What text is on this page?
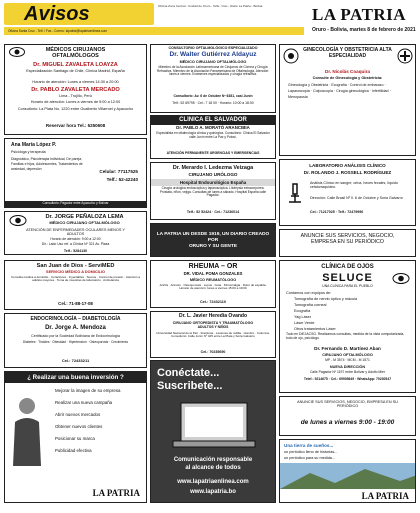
Avisos	Oficina Zona Central - Ciudad de Oruro - Telfs. / Fax - Diario La Patria - Bolivia
Oficina Santa Cruz - Telf. / Fax - Correo: lapatria@lapatriaenlinea.com
LA PATRIA
Oruro - Bolivia, martes 8 de febrero de 2021
MÉDICOS CIRUJANOS OFTALMÓLOGOS
Dr. MIGUEL ZAVALETA LOAYZA
Especialización Santiago de Chile, Clínica Madrid, España
Horario de atención: Lunes a viernes 14:30 a 20:00
Dr. PABLO ZAVALETA MERCADO
Lima - Trujillo, Perú
Horario de atención: Lunes a viernes de 9:00 a 12:00
Consultorio: La Plata No. 1220 entre Gualberto Villarroel y Ayacucho
Reservar hora Tel.: 5250608
CONSULTORIO OFTALMOLÓGICO ESPECIALIZADO
Dr. Walter Gutiérrez Aldayuz
MÉDICO CIRUJANO OFTALMÓLOGO
Miembro de la Asociación Latinoamericana de Cirujanos de Córnea y Cirugía Refractiva. Miembro de la Asociación Panamericana de Oftalmología. Atención: lunes a viernes. Exámenes especializados y cirugía refractiva.
Consultorio: Av. 6 de Octubre Nº 6381, casi Junín
Telf.: 52 69795 · Cel.: 7 18 00 · Horario: 10:00 a 18:00
GINECOLOGÍA Y OBSTETRICIA ALTA ESPECIALIDAD
Dr. Nicolás Coaquira
Consulte de Ginecología y Obstetricia:
Ginecología y Obstetricia · Ecografía · Control de embarazo · Laparoscopía · Colposcopía · Cirugía ginecológica · Infertilidad · Menopausia
CLÍNICA EL SALVADOR
Dr. PABLO A. MORATÓ ARANCIBIA
Especialista en oftalmología clínica y quirúrgica. Consultorio: Clínica El Salvador calle Junín entre La Paz y Potosí.
ATENCIÓN PERMANENTE URGENCIAS Y EMERGENCIAS
Ana María López P.
Psicóloga y terapeuta
Diagnóstico, Psicoterapia Individual, De pareja, Familias e hijos, Adolescentes, Tratamientos de ansiedad, depresión	Celular: 77117525
Telf.: 52-42240
Consultorio: Pagador entre Ayacucho y Bolívar
Dr. Merardo I. Ledezma Veizaga
CIRUJANO URÓLOGO
Hospital Endourológico España
Cirugía urológica endoscópica y laparoscópica. Litotripsia extracorpórea. Próstata, riñón, vejiga. Consultas de lunes a sábado. Hospital España calle Pagador.
Telf.: 52 52424 · Cel.: 71236014
LABORATORIO ANÁLISIS CLÍNICO
Dr. ROLANDO J. ROSSELL RODRÍGUEZ
Análisis Clínico en sangre, orina, heces fecales, líquido cefalorraquídeo.
Dirección: Calle Brasil Nº 0. 6 de Octubre y Soria Galvarro
Cel.: 71217025 · Telf.: 72479996
Dr. JORGE PEÑALOZA LEMA
MÉDICO CIRUJANO OFTALMÓLOGO
ATENCIÓN DE ENFERMEDADES OCULARES MENOS Y ADULTOS
Horario de atención: 9:00 a 12:00
Dir.: Lado Uso ref. a Clínica Nº 321 Av. Plaza
Telf.: 5284130
LA PATRIA UN DESDE 1919, UN DIARIO CREADO POR
ORURO Y SU GENTE
ANUNCIE SUS SERVICIOS, NEGOCIO, EMPRESA EN SU PERIÓDICO
San Juan de Dios - ServiMED
SERVICIO MÉDICO A DOMICILIO
Consulta médica a domicilio · Curaciones · Inyectables · Sueros · Control de presión · Atención a adultos mayores · Toma de muestras de laboratorio · Ambulancia
Cel.: 71-88-17-08
RHEUMA – OR
DR. VIDAL POMA GONZALES
MÉDICO REUMATÓLOGO
Artritis · Artrosis · Osteoporosis · Lupus · Gota · Fibromialgia · Dolor de espalda. Horario de atención: lunes a viernes 15:00 a 19:00
Cel.: 72432110
CLÍNICA DE OJOS
SELUCE
UNA CLÍNICA PARA EL PUEBLO
Contamos con equipos de:
Tomografía de nervio óptico y mácula
Tomografía corneal
Ecografía
Yag Láser
Láser Verde
Otros tratamientos Láser
Todo en DIEJACSG. Realizamos consultas, medida de la vista computarizada, todo de ojo, psicólogo
Dr. Fernando D. Martínez Aban
CIRUJANO OFTALMÓLOGO
MP - M 3574 · MCM - M 1571
NUEVA DIRECCIÓN
Calle Pagador Nº 1197 entre Bolívar y Adolfo Mier
Telef.: 5214675 · Cel.: 69905649 · WhatsApp: 70230547
ENDOCRINOLOGÍA – DIABETOLOGÍA
Dr. Jorge A. Mendoza
Certificado por la Sociedad Boliviana de Endocrinología
Diabetes · Tiroides · Obesidad · Hipertensión · Osteoporosis · Crecimiento
Cel.: 72433211
Dr. L. Javier Heredia Ovando
CIRUJANO ORTOPEDISTA Y TRAUMATÓLOGO
ADULTOS Y NIÑOS
Universidad Nacional de la Paz · Fracturas · Lesiones de rodilla · Hombro · Columna. Consultorio: Calle Junín Nº 425 entre La Plata y Soria Galvarro
Cel.: 70235690
Conéctate... Suscribete...
Comunicación responsable
al alcance de todos
www.lapatriaenlinea.com
www.lapatria.bo
¿ Realizar una buena inversión ?
Mejorar la imagen de su empresa
Realizar una nueva campaña
Abrir nuevos mercados
Obtener nuevos clientes
Posicionar su marca
Publicidad efectiva
LA PATRIA
ANUNCIE SUS SERVICIOS, NEGOCIO, EMPRESA EN SU PERIÓDICO
de lunes a viernes 9:00 - 19:00
Una tierra de sueños...
un periódico lleno de historias...
un periódico para su medida...
LA PATRIA
